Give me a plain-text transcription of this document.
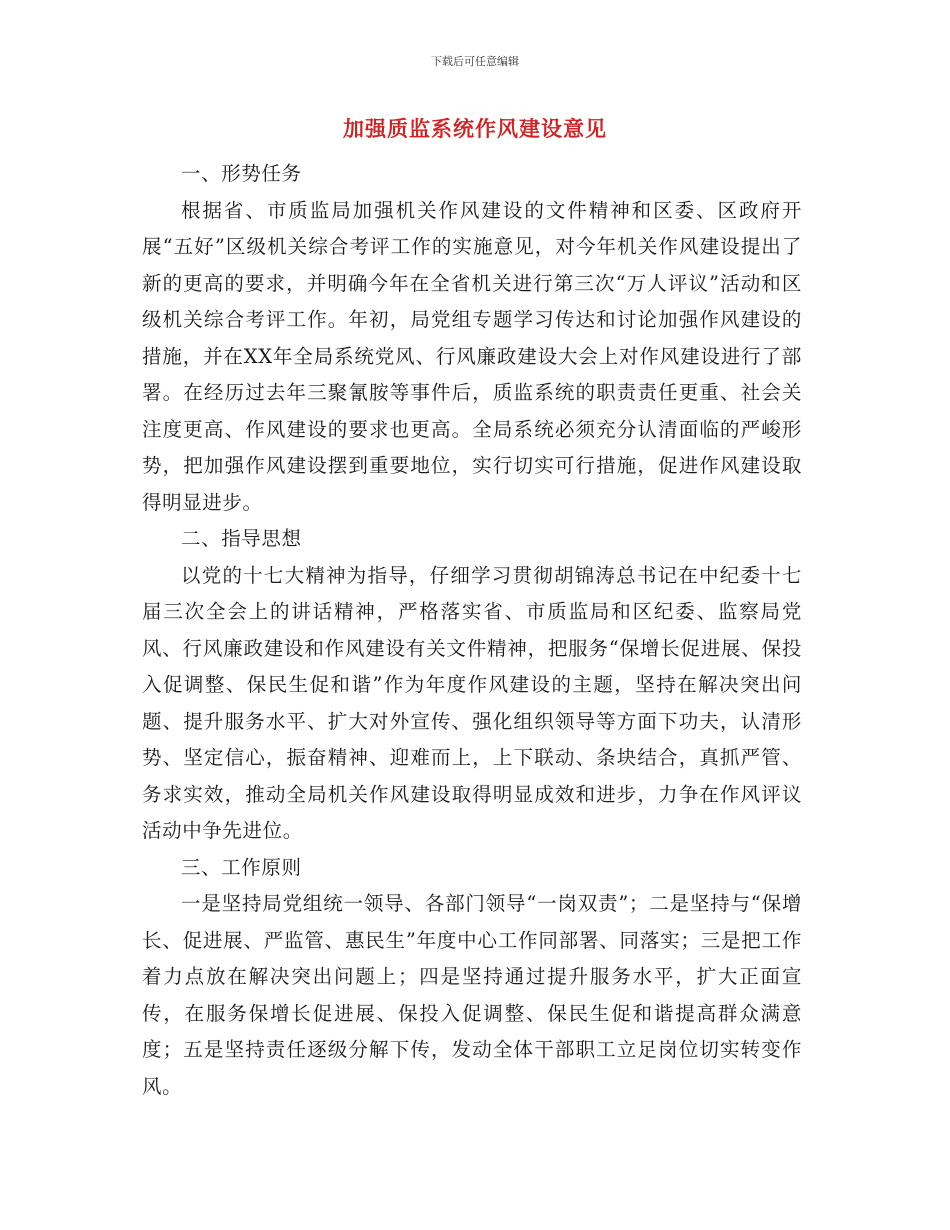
下载后可任意编辑
加强质监系统作风建设意见

一、形势任务

根据省、市质监局加强机关作风建设的文件精神和区委、区政府开展“五好”区级机关综合考评工作的实施意见，对今年机关作风建设提出了新的更高的要求，并明确今年在全省机关进行第三次“万人评议”活动和区级机关综合考评工作。年初，局党组专题学习传达和讨论加强作风建设的措施，并在XX年全局系统党风、行风廉政建设大会上对作风建设进行了部署。在经历过去年三聚氰胺等事件后，质监系统的职责责任更重、社会关注度更高、作风建设的要求也更高。全局系统必须充分认清面临的严峻形势，把加强作风建设摆到重要地位，实行切实可行措施，促进作风建设取得明显进步。

二、指导思想

以党的十七大精神为指导，仔细学习贯彻胡锦涛总书记在中纪委十七届三次全会上的讲话精神，严格落实省、市质监局和区纪委、监察局党风、行风廉政建设和作风建设有关文件精神，把服务“保增长促进展、保投入促调整、保民生促和谐”作为年度作风建设的主题，坚持在解决突出问题、提升服务水平、扩大对外宣传、强化组织领导等方面下功夫，认清形势、坚定信心，振奋精神、迎难而上，上下联动、条块结合，真抓严管、务求实效，推动全局机关作风建设取得明显成效和进步，力争在作风评议活动中争先进位。

三、工作原则

一是坚持局党组统一领导、各部门领导“一岗双责”；二是坚持与“保增长、促进展、严监管、惠民生”年度中心工作同部署、同落实；三是把工作着力点放在解决突出问题上；四是坚持通过提升服务水平，扩大正面宣传，在服务保增长促进展、保投入促调整、保民生促和谐提高群众满意度；五是坚持责任逐级分解下传，发动全体干部职工立足岗位切实转变作风。
